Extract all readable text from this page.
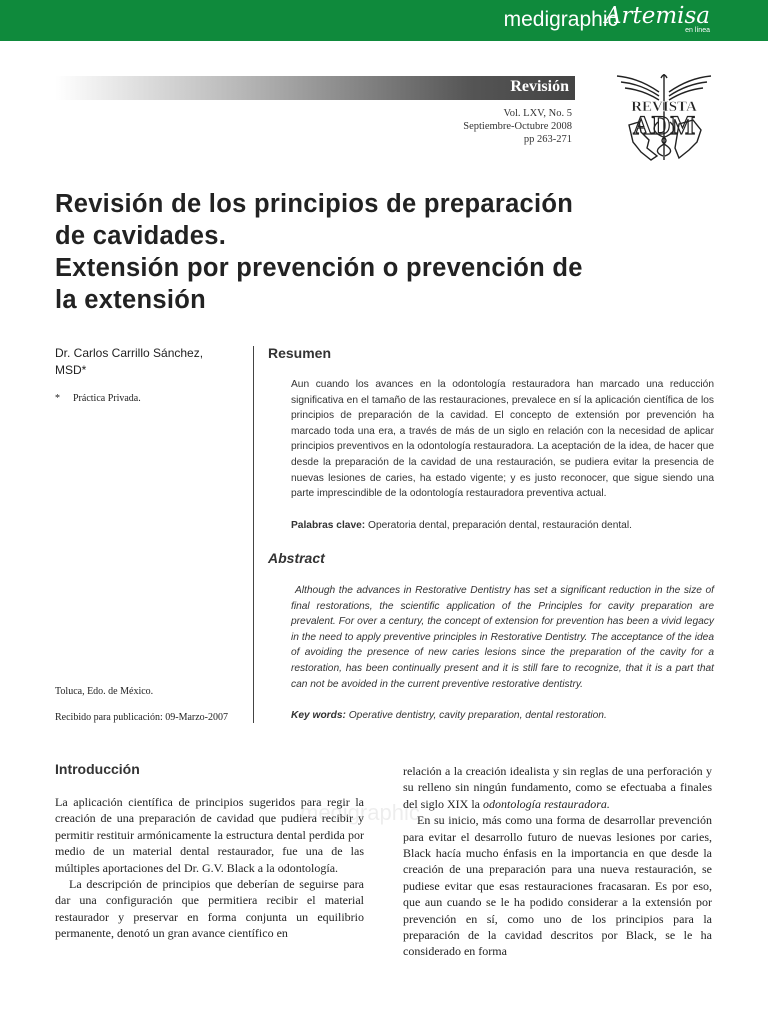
medigraphic
Artemisa
en línea
Revisión
Vol. LXV, No. 5
Septiembre-Octubre 2008
pp 263-271
REVISTA
ADM
Revisión de los principios de preparación
de cavidades.
Extensión por prevención o prevención de
la extensión
Dr. Carlos Carrillo Sánchez,
MSD*
* Práctica Privada.
Toluca, Edo. de México.
Recibido para publicación: 09-Marzo-2007
Resumen

Aun cuando los avances en la odontología restauradora han marcado una reducción significativa en el tamaño de las restauraciones, prevalece en sí la aplicación científica de los principios de preparación de la cavidad. El concepto de extensión por prevención ha marcado toda una era, a través de más de un siglo en relación con la necesidad de aplicar principios preventivos en la odontología restauradora. La aceptación de la idea, de hacer que desde la preparación de la cavidad de una restauración, se pudiera evitar la presencia de nuevas lesiones de caries, ha estado vigente; y es justo reconocer, que sigue siendo una parte imprescindible de la odontología restauradora preventiva actual.

Palabras clave: Operatoria dental, preparación dental, restauración dental.
Abstract

Although the advances in Restorative Dentistry has set a significant reduction in the size of final restorations, the scientific application of the Principles for cavity preparation are prevalent. For over a century, the concept of extension for prevention has been a vivid legacy in the need to apply preventive principles in Restorative Dentistry. The acceptance of the idea of avoiding the presence of new caries lesions since the preparation of the cavity for a restoration, has been continually present and it is still fare to recognize, that it is a part that can not be avoided in the current preventive restorative dentistry.

Key words: Operative dentistry, cavity preparation, dental restoration.
medigraphic
Introducción

La aplicación científica de principios sugeridos para regir la creación de una preparación de cavidad que pudiera recibir y permitir restituir armónicamente la estructura dental perdida por medio de un material dental restaurador, fue una de las múltiples aportaciones del Dr. G.V. Black a la odontología.

La descripción de principios que deberían de seguirse para dar una configuración que permitiera recibir el material restaurador y preservar en forma conjunta un equilibrio permanente, denotó un gran avance científico en

relación a la creación idealista y sin reglas de una perforación y su relleno sin ningún fundamento, como se efectuaba a finales del siglo XIX la odontología restauradora.

En su inicio, más como una forma de desarrollar prevención para evitar el desarrollo futuro de nuevas lesiones por caries, Black hacía mucho énfasis en la importancia en que desde la creación de una preparación para una nueva restauración, se pudiese evitar que esas restauraciones fracasaran. Es por eso, que aun cuando se le ha podido considerar a la extensión por prevención en sí, como uno de los principios para la preparación de la cavidad descritos por Black, se le ha considerado en forma
